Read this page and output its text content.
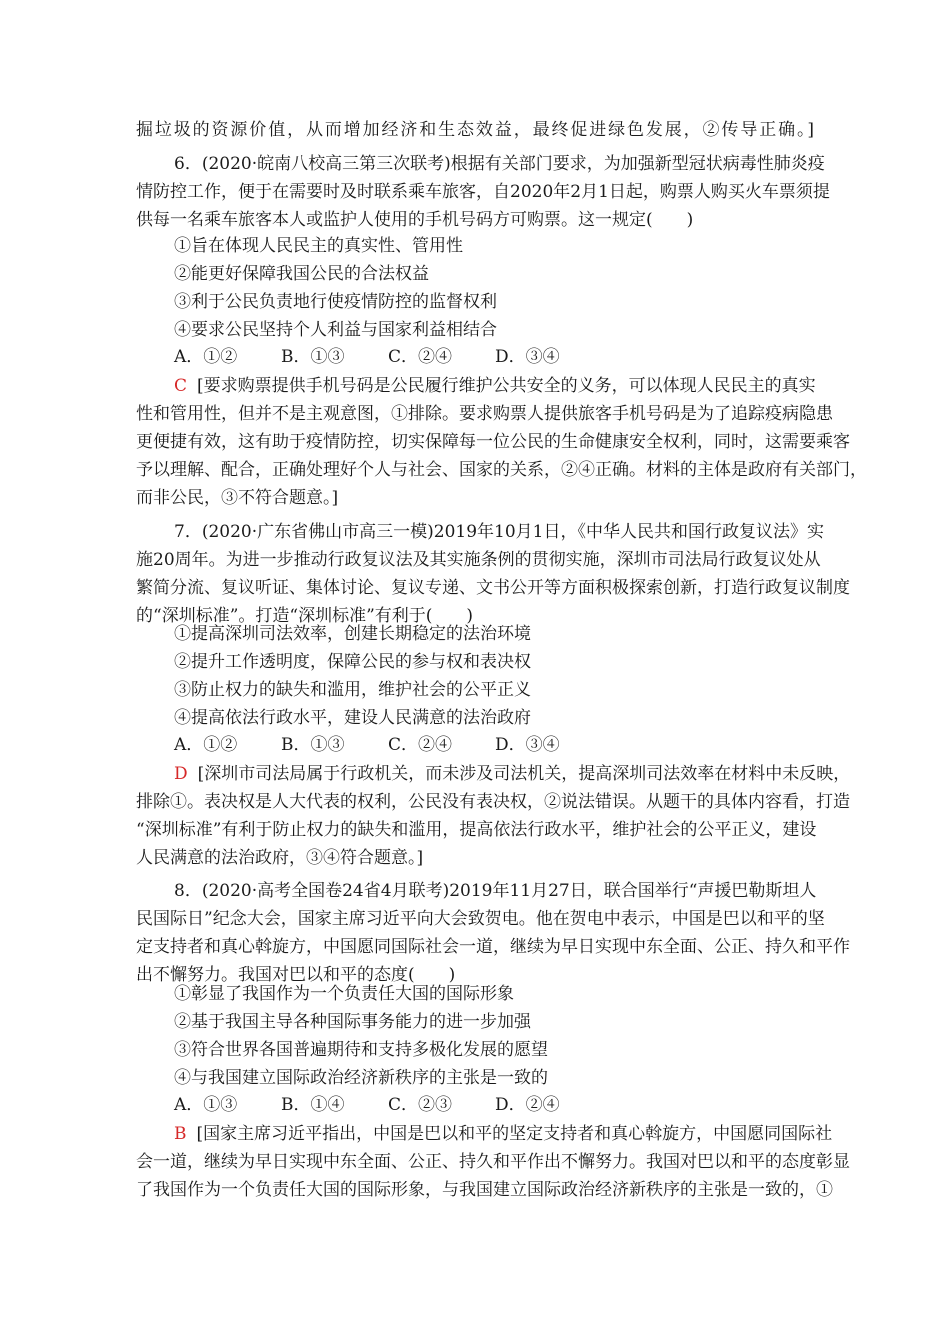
掘垃圾的资源价值，从而增加经济和生态效益，最终促进绿色发展，②传导正确。]
6．(2020·皖南八校高三第三次联考)根据有关部门要求，为加强新型冠状病毒性肺炎疫
情防控工作，便于在需要时及时联系乘车旅客，自2020年2月1日起，购票人购买火车票须提
供每一名乘车旅客本人或监护人使用的手机号码方可购票。这一规定(　　)
①旨在体现人民民主的真实性、管用性
②能更好保障我国公民的合法权益
③利于公民负责地行使疫情防控的监督权利
④要求公民坚持个人利益与国家利益相结合
A．①②	B．①③	C．②④	D．③④
C [要求购票提供手机号码是公民履行维护公共安全的义务，可以体现人民民主的真实
性和管用性，但并不是主观意图，①排除。要求购票人提供旅客手机号码是为了追踪疫病隐患
更便捷有效，这有助于疫情防控，切实保障每一位公民的生命健康安全权利，同时，这需要乘客
予以理解、配合，正确处理好个人与社会、国家的关系，②④正确。材料的主体是政府有关部门，
而非公民，③不符合题意。]
7．(2020·广东省佛山市高三一模)2019年10月1日，《中华人民共和国行政复议法》实
施20周年。为进一步推动行政复议法及其实施条例的贯彻实施，深圳市司法局行政复议处从
繁简分流、复议听证、集体讨论、复议专递、文书公开等方面积极探索创新，打造行政复议制度
的“深圳标准”。打造“深圳标准”有利于(　　)
①提高深圳司法效率，创建长期稳定的法治环境
②提升工作透明度，保障公民的参与权和表决权
③防止权力的缺失和滥用，维护社会的公平正义
④提高依法行政水平，建设人民满意的法治政府
A．①②	B．①③	C．②④	D．③④
D [深圳市司法局属于行政机关，而未涉及司法机关，提高深圳司法效率在材料中未反映，
排除①。表决权是人大代表的权利，公民没有表决权，②说法错误。从题干的具体内容看，打造
“深圳标准”有利于防止权力的缺失和滥用，提高依法行政水平，维护社会的公平正义，建设
人民满意的法治政府，③④符合题意。]
8．(2020·高考全国卷24省4月联考)2019年11月27日，联合国举行“声援巴勒斯坦人
民国际日”纪念大会，国家主席习近平向大会致贺电。他在贺电中表示，中国是巴以和平的坚
定支持者和真心斡旋方，中国愿同国际社会一道，继续为早日实现中东全面、公正、持久和平作
出不懈努力。我国对巴以和平的态度(　　)
①彰显了我国作为一个负责任大国的国际形象
②基于我国主导各种国际事务能力的进一步加强
③符合世界各国普遍期待和支持多极化发展的愿望
④与我国建立国际政治经济新秩序的主张是一致的
A．①③	B．①④	C．②③	D．②④
B [国家主席习近平指出，中国是巴以和平的坚定支持者和真心斡旋方，中国愿同国际社
会一道，继续为早日实现中东全面、公正、持久和平作出不懈努力。我国对巴以和平的态度彰显
了我国作为一个负责任大国的国际形象，与我国建立国际政治经济新秩序的主张是一致的，①
